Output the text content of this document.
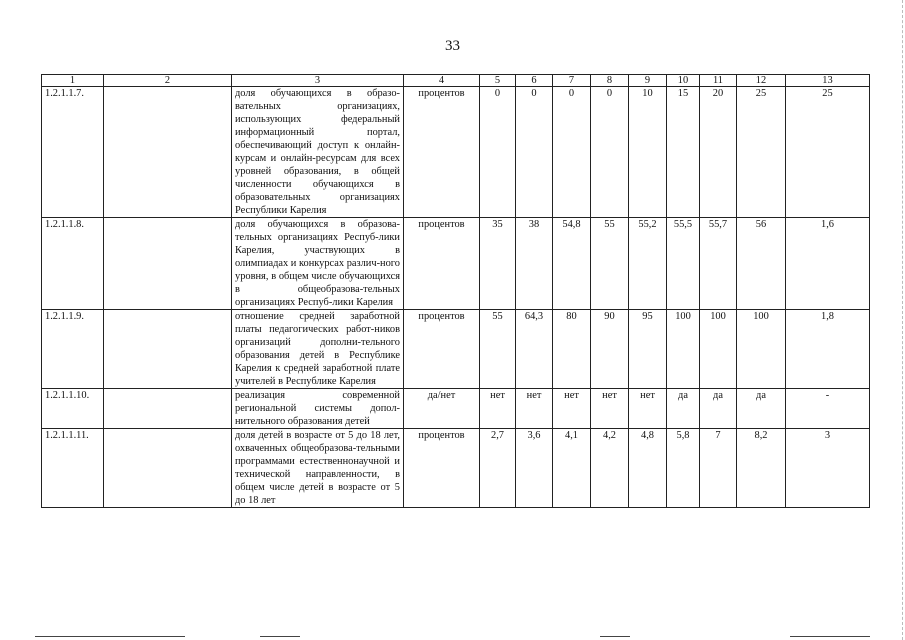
33
1	2	3	4	5	6	7	8	9	10	11	12	13
1.2.1.1.7.		доля обучающихся в образо-вательных организациях, использующих федеральный информационный портал, обеспечивающий доступ к онлайн-курсам и онлайн-ресурсам для всех уровней образования, в общей численности обучающихся в образовательных организациях Республики Карелия	процентов	0	0	0	0	10	15	20	25	25
1.2.1.1.8.		доля обучающихся в образова-тельных организациях Респуб-лики Карелия, участвующих в олимпиадах и конкурсах различ-ного уровня, в общем числе обучающихся в общеобразова-тельных организациях Респуб-лики Карелия	процентов	35	38	54,8	55	55,2	55,5	55,7	56	1,6
1.2.1.1.9.		отношение средней заработной платы педагогических работ-ников организаций дополни-тельного образования детей в Республике Карелия к средней заработной плате учителей в Республике Карелия	процентов	55	64,3	80	90	95	100	100	100	1,8
1.2.1.1.10.		реализация современной региональной системы допол-нительного образования детей	да/нет	нет	нет	нет	нет	нет	да	да	да	-
1.2.1.1.11.		доля детей в возрасте от 5 до 18 лет, охваченных общеобразова-тельными программами естественнонаучной и технической направленности, в общем числе детей в возрасте от 5 до 18 лет	процентов	2,7	3,6	4,1	4,2	4,8	5,8	7	8,2	3
